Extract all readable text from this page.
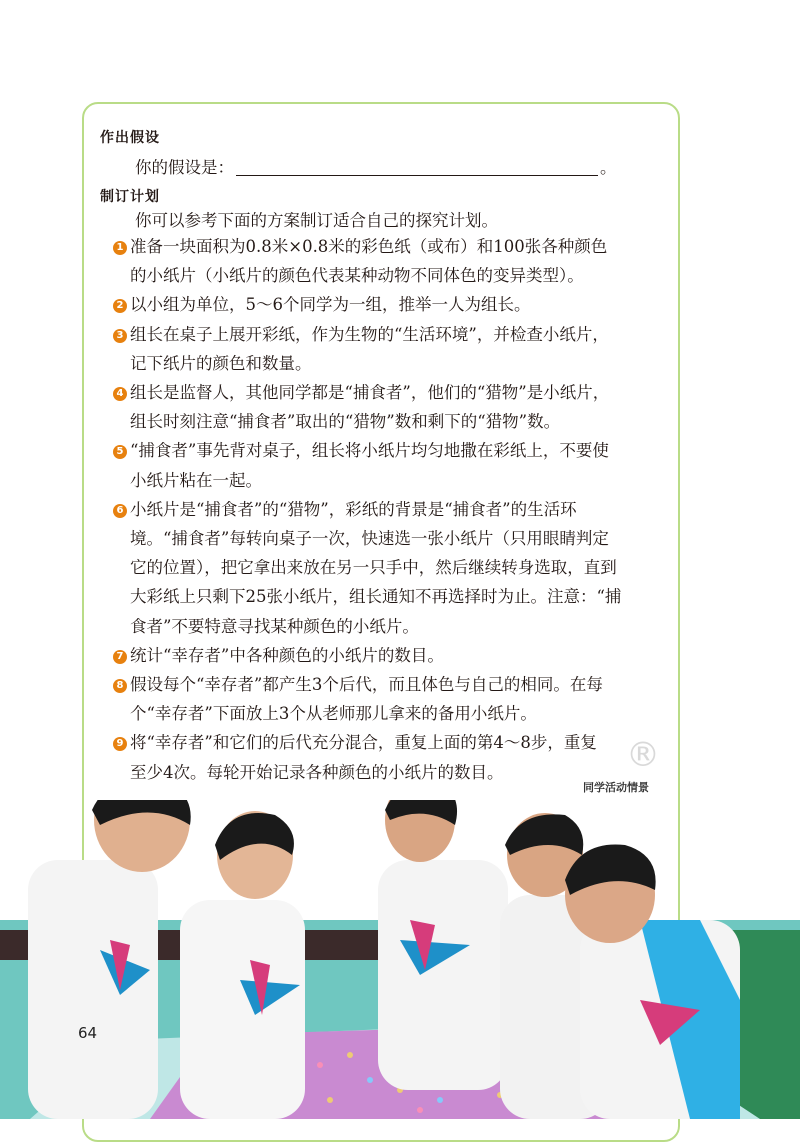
作出假设
你的假设是：	。
制订计划
你可以参考下面的方案制订适合自己的探究计划。
1 准备一块面积为0.8米×0.8米的彩色纸（或布）和100张各种颜色
的小纸片（小纸片的颜色代表某种动物不同体色的变异类型）。
2 以小组为单位，5～6个同学为一组，推举一人为组长。
3 组长在桌子上展开彩纸，作为生物的“生活环境”，并检查小纸片，
记下纸片的颜色和数量。
4 组长是监督人，其他同学都是“捕食者”，他们的“猎物”是小纸片，
组长时刻注意“捕食者”取出的“猎物”数和剩下的“猎物”数。
5 “捕食者”事先背对桌子，组长将小纸片均匀地撒在彩纸上，不要使
小纸片粘在一起。
6 小纸片是“捕食者”的“猎物”，彩纸的背景是“捕食者”的生活环
境。“捕食者”每转向桌子一次，快速选一张小纸片（只用眼睛判定
它的位置），把它拿出来放在另一只手中，然后继续转身选取，直到
大彩纸上只剩下25张小纸片，组长通知不再选择时为止。注意：“捕
食者”不要特意寻找某种颜色的小纸片。
7 统计“幸存者”中各种颜色的小纸片的数目。
8 假设每个“幸存者”都产生3个后代，而且体色与自己的相同。在每
个“幸存者”下面放上3个从老师那儿拿来的备用小纸片。
9 将“幸存者”和它们的后代充分混合，重复上面的第4～8步，重复
至少4次。每轮开始记录各种颜色的小纸片的数目。	®
同学活动情景
64
